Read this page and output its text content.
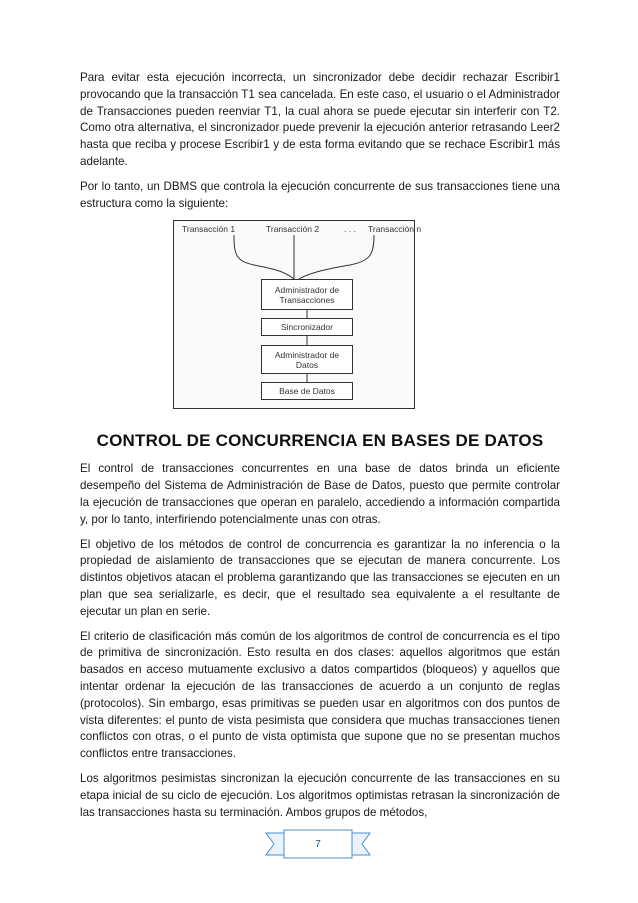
Para evitar esta ejecución incorrecta, un sincronizador debe decidir rechazar Escribir1 provocando que la transacción T1 sea cancelada. En este caso, el usuario o el Administrador de Transacciones pueden reenviar T1, la cual ahora se puede ejecutar sin interferir con T2. Como otra alternativa, el sincronizador puede prevenir la ejecución anterior retrasando Leer2 hasta que reciba y procese Escribir1 y de esta forma evitando que se rechace Escribir1 más adelante.

Por lo tanto, un DBMS que controla la ejecución concurrente de sus transacciones tiene una estructura como la siguiente:

Transacción 1	Transacción 2	. . . Transacción n
Administrador de Transacciones
Sincronizador
Administrador de Datos
Base de Datos
CONTROL DE CONCURRENCIA EN BASES DE DATOS

El control de transacciones concurrentes en una base de datos brinda un eficiente desempeño del Sistema de Administración de Base de Datos, puesto que permite controlar la ejecución de transacciones que operan en paralelo, accediendo a información compartida y, por lo tanto, interfiriendo potencialmente unas con otras.

El objetivo de los métodos de control de concurrencia es garantizar la no inferencia o la propiedad de aislamiento de transacciones que se ejecutan de manera concurrente. Los distintos objetivos atacan el problema garantizando que las transacciones se ejecuten en un plan que sea serializarle, es decir, que el resultado sea equivalente a el resultante de ejecutar un plan en serie.

El criterio de clasificación más común de los algoritmos de control de concurrencia es el tipo de primitiva de sincronización. Esto resulta en dos clases: aquellos algoritmos que están basados en acceso mutuamente exclusivo a datos compartidos (bloqueos) y aquellos que intentar ordenar la ejecución de las transacciones de acuerdo a un conjunto de reglas (protocolos). Sin embargo, esas primitivas se pueden usar en algoritmos con dos puntos de vista diferentes: el punto de vista pesimista que considera que muchas transacciones tienen conflictos con otras, o el punto de vista optimista que supone que no se presentan muchos conflictos entre transacciones.

Los algoritmos pesimistas sincronizan la ejecución concurrente de las transacciones en su etapa inicial de su ciclo de ejecución. Los algoritmos optimistas retrasan la sincronización de las transacciones hasta su terminación. Ambos grupos de métodos,

7
